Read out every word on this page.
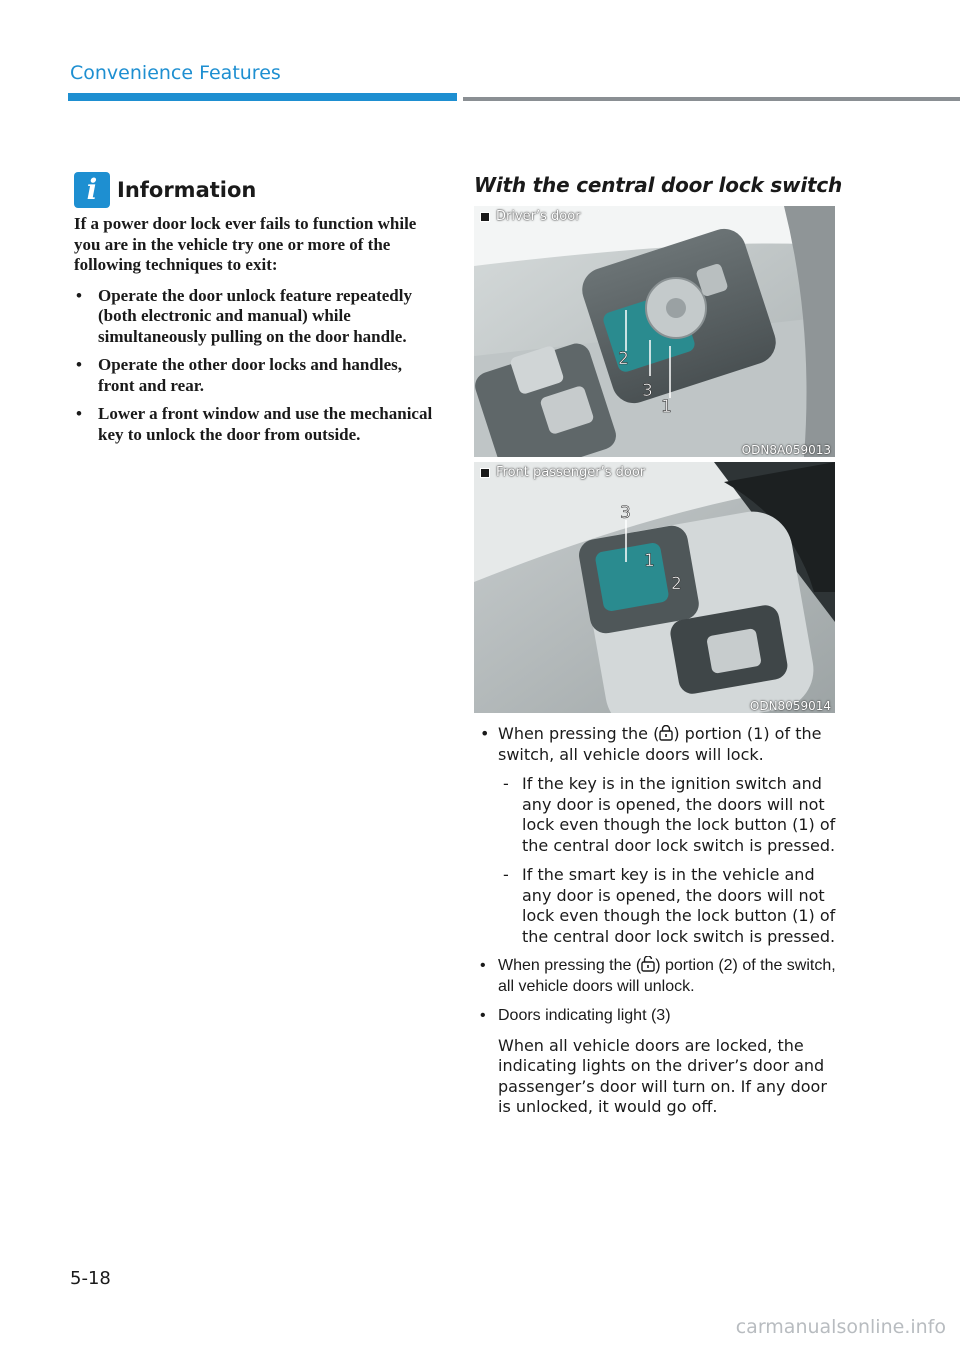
Convenience Features
i Information

If a power door lock ever fails to function while you are in the vehicle try one or more of the following techniques to exit:

• Operate the door unlock feature repeatedly (both electronic and manual) while simultaneously pulling on the door handle.
• Operate the other door locks and handles, front and rear.
• Lower a front window and use the mechanical key to unlock the door from outside.
With the central door lock switch
Driver’s door
2
3
1
ODN8A059013
Front passenger’s door
3
1
2
ODN8059014
• When pressing the ( ) portion (1) of the switch, all vehicle doors will lock.
- If the key is in the ignition switch and any door is opened, the doors will not lock even though the lock button (1) of the central door lock switch is pressed.
- If the smart key is in the vehicle and any door is opened, the doors will not lock even though the lock button (1) of the central door lock switch is pressed.
• When pressing the ( ) portion (2) of the switch, all vehicle doors will unlock.
• Doors indicating light (3)
When all vehicle doors are locked, the indicating lights on the driver’s door and passenger’s door will turn on. If any door is unlocked, it would go off.
5-18
carmanualsonline.info
